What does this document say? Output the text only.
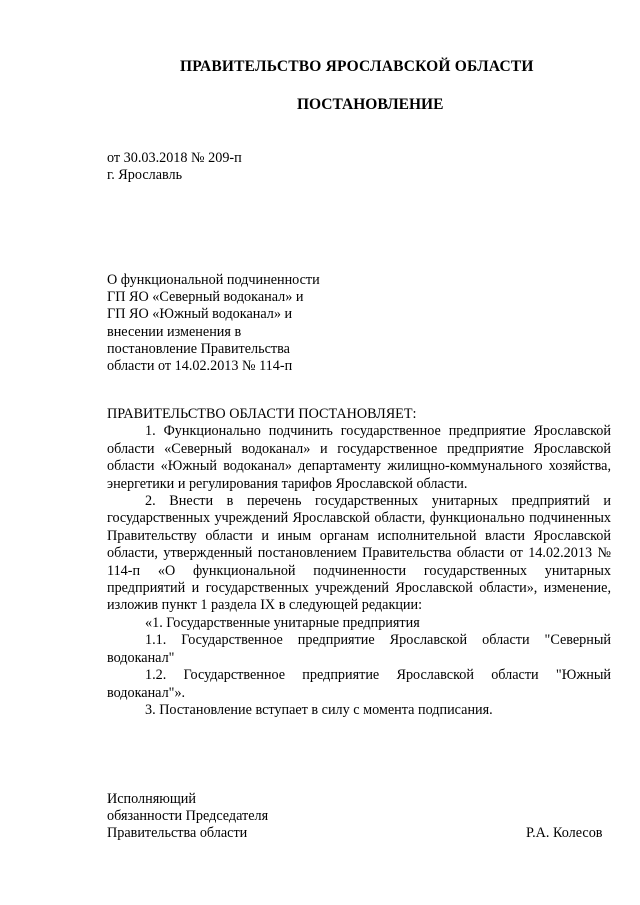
ПРАВИТЕЛЬСТВО ЯРОСЛАВСКОЙ ОБЛАСТИ
ПОСТАНОВЛЕНИЕ
от 30.03.2018 № 209-п
г. Ярославль
О функциональной подчиненности
ГП ЯО «Северный водоканал» и
ГП ЯО «Южный водоканал» и
внесении изменения в
постановление Правительства
области от 14.02.2013 № 114-п

ПРАВИТЕЛЬСТВО ОБЛАСТИ ПОСТАНОВЛЯЕТ:

1. Функционально подчинить государственное предприятие Ярославской области «Северный водоканал» и государственное предприятие Ярославской области «Южный водоканал» департаменту жилищно-коммунального хозяйства, энергетики и регулирования тарифов Ярославской области.

2. Внести в перечень государственных унитарных предприятий и государственных учреждений Ярославской области, функционально подчиненных Правительству области и иным органам исполнительной власти Ярославской области, утвержденный постановлением Правительства области от 14.02.2013 № 114-п «О функциональной подчиненности государственных унитарных предприятий и государственных учреждений Ярославской области», изменение, изложив пункт 1 раздела IX в следующей редакции:

«1. Государственные унитарные предприятия

1.1. Государственное предприятие Ярославской области "Северный водоканал"

1.2. Государственное предприятие Ярославской области "Южный водоканал"».

3. Постановление вступает в силу с момента подписания.

Исполняющий
обязанности Председателя
Правительства области	Р.А. Колесов
